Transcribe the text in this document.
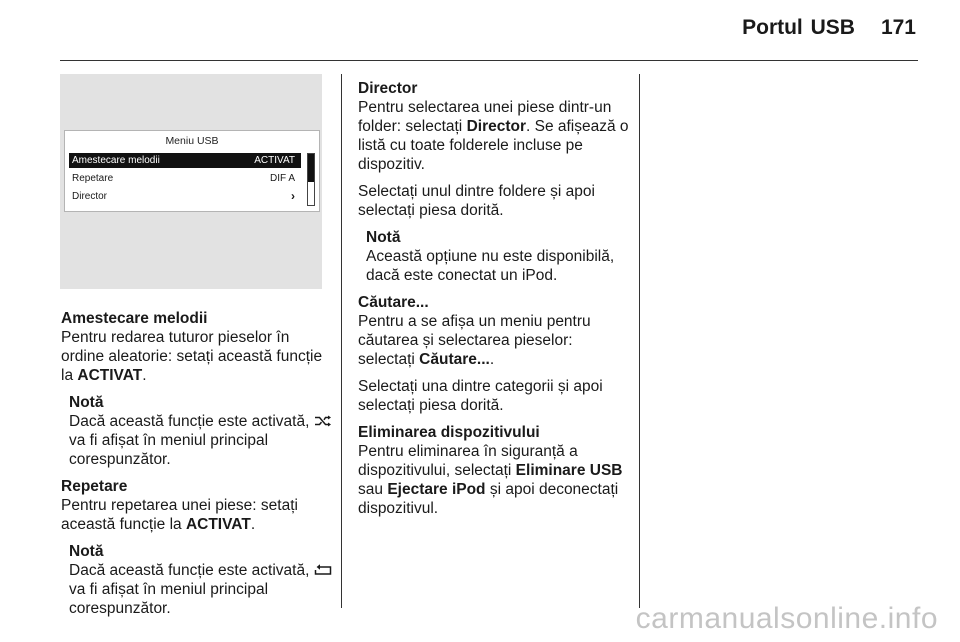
Portul USB 171
Meniu USB
Amestecare melodii	ACTIVAT
Repetare	DIF A
Director	›
Amestecare melodii

Pentru redarea tuturor pieselor în ordine aleatorie: setați această funcție la ACTIVAT.

Notă
Dacă această funcție este activată,  va fi afișat în meniul principal corespunzător.
Repetare

Pentru repetarea unei piese: setați această funcție la ACTIVAT.

Notă
Dacă această funcție este activată,  va fi afișat în meniul principal corespunzător.
Director

Pentru selectarea unei piese dintr-un folder: selectați Director. Se afișează o listă cu toate folderele incluse pe dispozitiv.

Selectați unul dintre foldere și apoi selectați piesa dorită.

Notă
Această opțiune nu este disponibilă, dacă este conectat un iPod.
Căutare...

Pentru a se afișa un meniu pentru căutarea și selectarea pieselor: selectați Căutare....

Selectați una dintre categorii și apoi selectați piesa dorită.

Eliminarea dispozitivului

Pentru eliminarea în siguranță a dispozitivului, selectați Eliminare USB sau Ejectare iPod și apoi deconectați dispozitivul.

carmanualsonline.info
